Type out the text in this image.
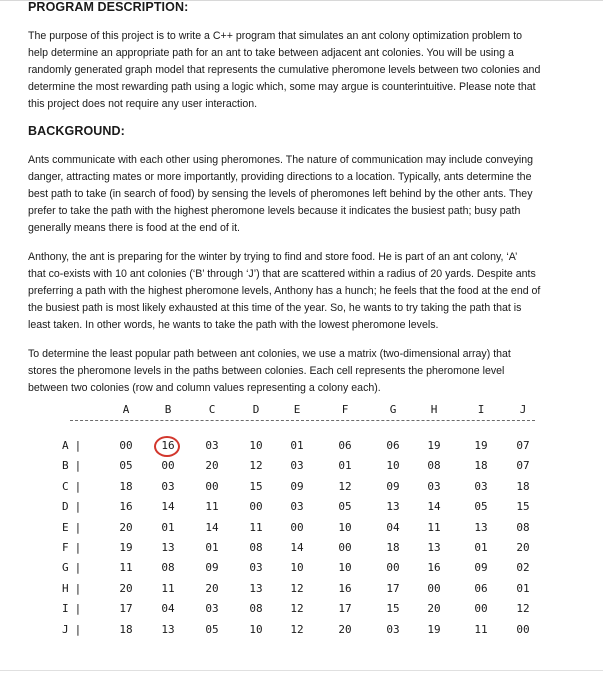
PROGRAM DESCRIPTION:
The purpose of this project is to write a C++ program that simulates an ant colony optimization problem to
help determine an appropriate path for an ant to take between adjacent ant colonies. You will be using a
randomly generated graph model that represents the cumulative pheromone levels between two colonies and
determine the most rewarding path using a logic which, some may argue is counterintuitive. Please note that
this project does not require any user interaction.
BACKGROUND:
Ants communicate with each other using pheromones. The nature of communication may include conveying
danger, attracting mates or more importantly, providing directions to a location. Typically, ants determine the
best path to take (in search of food) by sensing the levels of pheromones left behind by the other ants. They
prefer to take the path with the highest pheromone levels because it indicates the busiest path; busy path
generally means there is food at the end of it.
Anthony, the ant is preparing for the winter by trying to find and store food. He is part of an ant colony, ‘A’
that co-exists with 10 ant colonies (‘B’ through ‘J’) that are scattered within a radius of 20 yards. Despite ants
preferring a path with the highest pheromone levels, Anthony has a hunch; he feels that the food at the end of
the busiest path is most likely exhausted at this time of the year. So, he wants to try taking the path that is
least taken. In other words, he wants to take the path with the lowest pheromone levels.
To determine the least popular path between ant colonies, we use a matrix (two-dimensional array) that
stores the pheromone levels in the paths between colonies. Each cell represents the pheromone level
between two colonies (row and column values representing a colony each).
A	B	C	D	E	F	G	H	I	J
A |	00	16	03	10	01	06	06	19	19	07
B |	05	00	20	12	03	01	10	08	18	07
C |	18	03	00	15	09	12	09	03	03	18
D |	16	14	11	00	03	05	13	14	05	15
E |	20	01	14	11	00	10	04	11	13	08
F |	19	13	01	08	14	00	18	13	01	20
G |	11	08	09	03	10	10	00	16	09	02
H |	20	11	20	13	12	16	17	00	06	01
I |	17	04	03	08	12	17	15	20	00	12
J |	18	13	05	10	12	20	03	19	11	00
